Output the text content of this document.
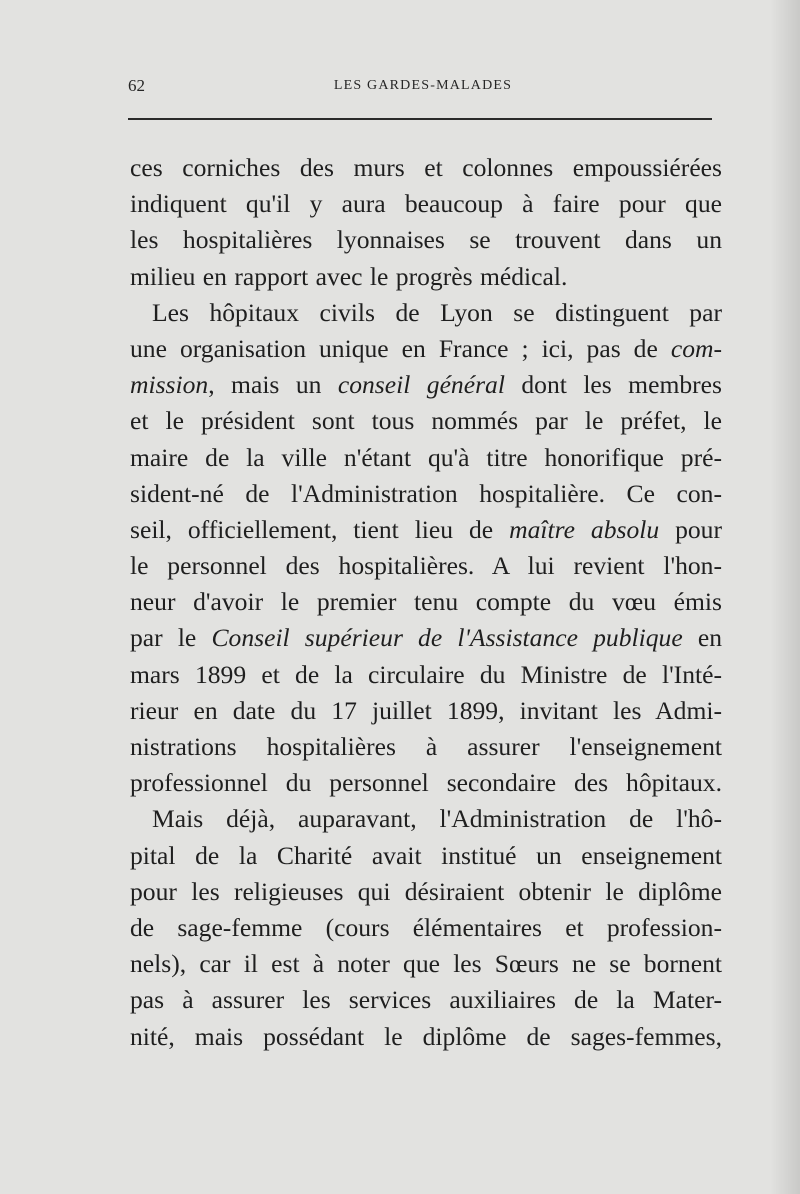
62	LES GARDES-MALADES
ces corniches des murs et colonnes empoussiérées
indiquent qu'il y aura beaucoup à faire pour que
les hospitalières lyonnaises se trouvent dans un
milieu en rapport avec le progrès médical.
Les hôpitaux civils de Lyon se distinguent par
une organisation unique en France ; ici, pas de com-
mission, mais un conseil général dont les membres
et le président sont tous nommés par le préfet, le
maire de la ville n'étant qu'à titre honorifique pré-
sident-né de l'Administration hospitalière. Ce con-
seil, officiellement, tient lieu de maître absolu pour
le personnel des hospitalières. A lui revient l'hon-
neur d'avoir le premier tenu compte du vœu émis
par le Conseil supérieur de l'Assistance publique en
mars 1899 et de la circulaire du Ministre de l'Inté-
rieur en date du 17 juillet 1899, invitant les Admi-
nistrations hospitalières à assurer l'enseignement
professionnel du personnel secondaire des hôpitaux.
Mais déjà, auparavant, l'Administration de l'hô-
pital de la Charité avait institué un enseignement
pour les religieuses qui désiraient obtenir le diplôme
de sage-femme (cours élémentaires et profession-
nels), car il est à noter que les Sœurs ne se bornent
pas à assurer les services auxiliaires de la Mater-
nité, mais possédant le diplôme de sages-femmes,
